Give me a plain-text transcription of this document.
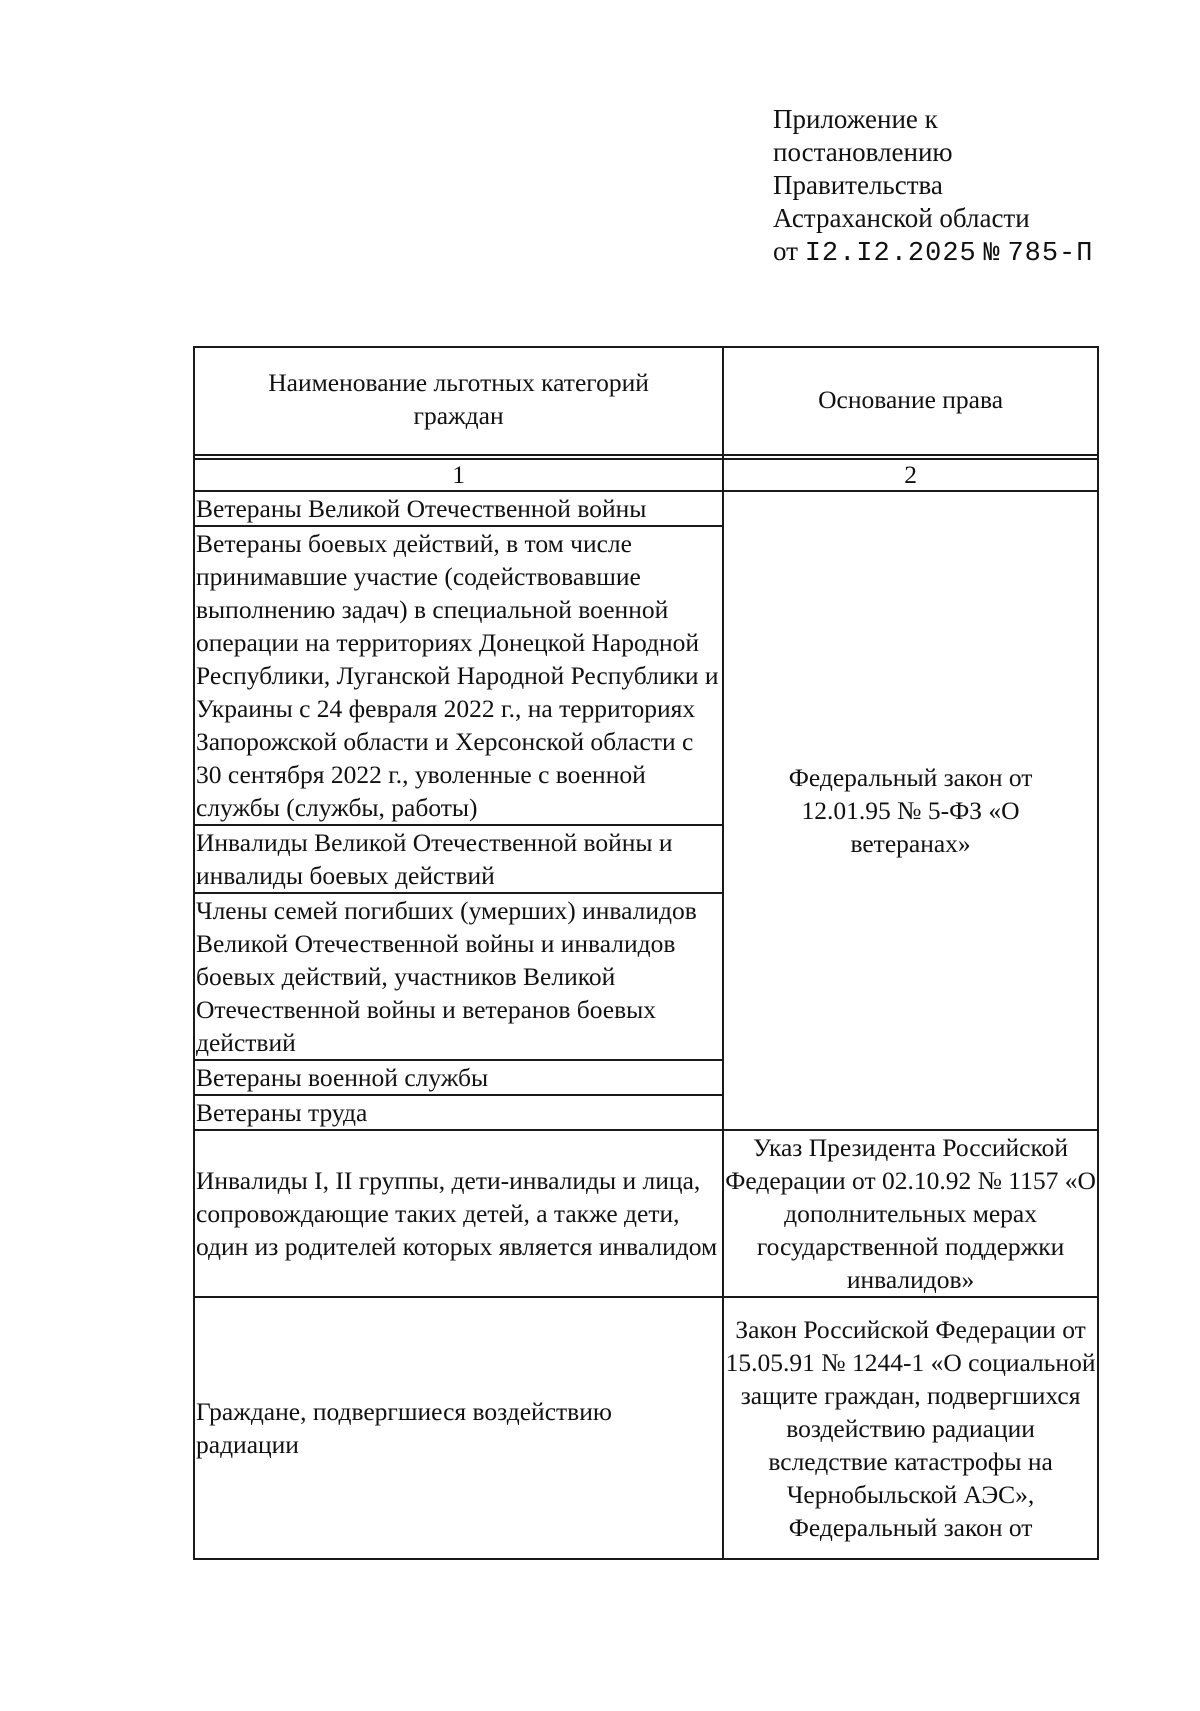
Приложение к
постановлению
Правительства
Астраханской области
от I2.I2.2025 № 785-П
Наименование льготных категорий граждан	Основание права

1	2
Ветераны Великой Отечественной войны	Федеральный закон от 12.01.95 № 5-ФЗ «О ветеранах»

Ветераны боевых действий, в том числе принимавшие участие (содействовавшие выполнению задач) в специальной военной операции на территориях Донецкой Народной Республики, Луганской Народной Республики и Украины с 24 февраля 2022 г., на территориях Запорожской области и Херсонской области с 30 сентября 2022 г., уволенные с военной службы (службы, работы)	
Инвалиды Великой Отечественной войны и инвалиды боевых действий	
Члены семей погибших (умерших) инвалидов Великой Отечественной войны и инвалидов боевых действий, участников Великой Отечественной войны и ветеранов боевых действий	
Ветераны военной службы	
Ветераны труда	
Инвалиды I, II группы, дети-инвалиды и лица, сопровождающие таких детей, а также дети, один из родителей которых является инвалидом	Указ Президента Российской Федерации от 02.10.92 № 1157 «О дополнительных мерах государственной поддержки инвалидов»
Граждане, подвергшиеся воздействию радиации	Закон Российской Федерации от 15.05.91 № 1244-1 «О социальной защите граждан, подвергшихся воздействию радиации вследствие катастрофы на Чернобыльской АЭС», Федеральный закон от
